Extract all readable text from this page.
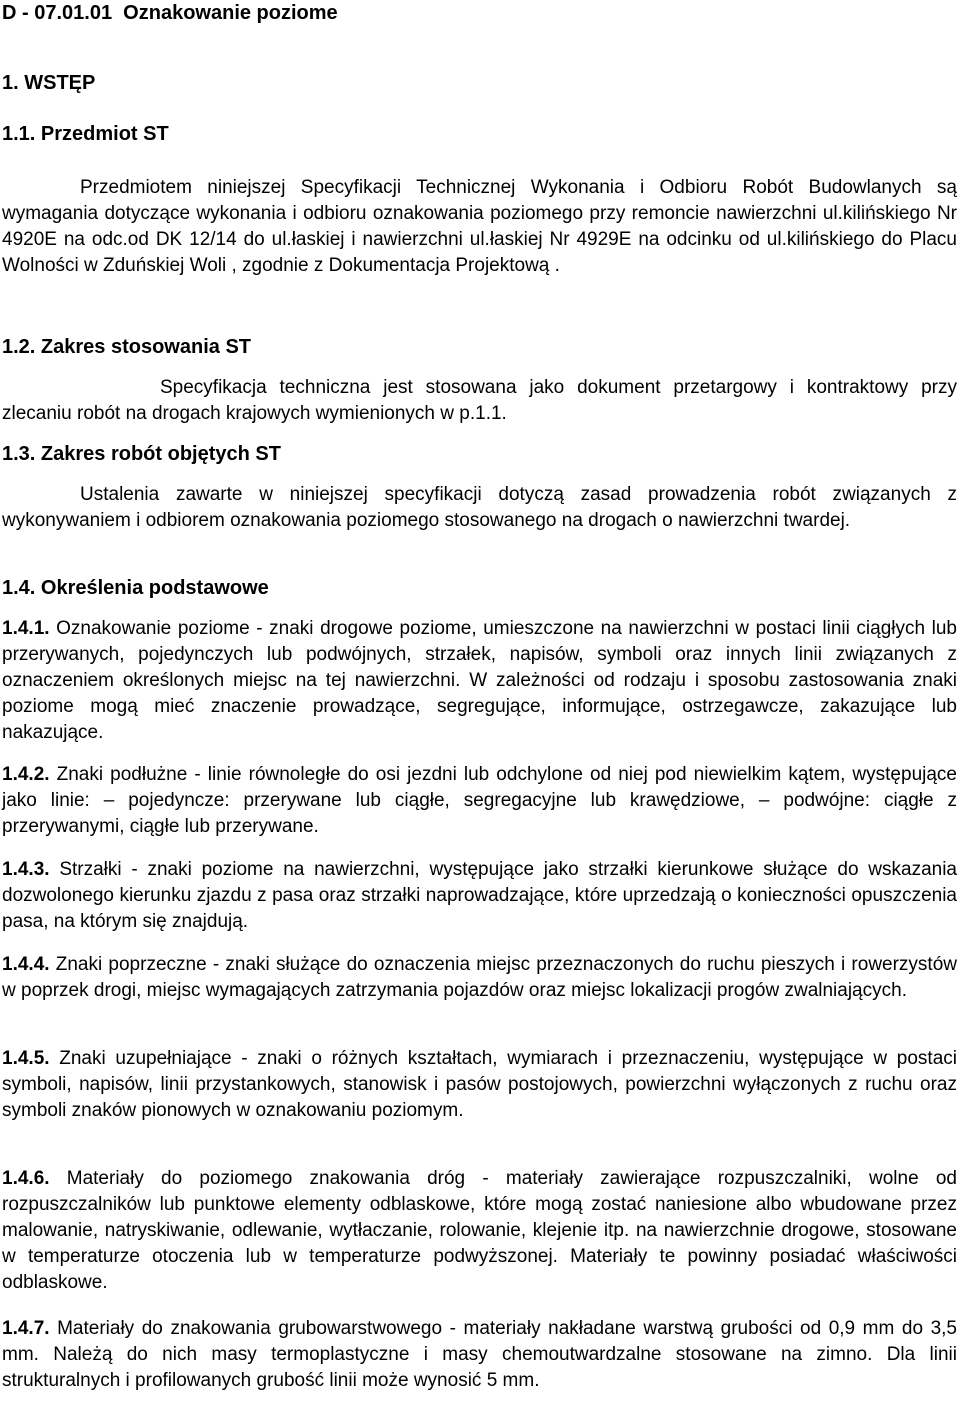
D - 07.01.01  Oznakowanie poziome
1. WSTĘP
1.1. Przedmiot ST
Przedmiotem niniejszej Specyfikacji Technicznej Wykonania i Odbioru Robót Budowlanych są wymagania dotyczące wykonania i odbioru oznakowania poziomego przy remoncie nawierzchni ul.kilińskiego Nr 4920E na odc.od DK 12/14 do ul.łaskiej i nawierzchni ul.łaskiej Nr 4929E na odcinku od ul.kilińskiego do Placu Wolności w Zduńskiej Woli , zgodnie z Dokumentacja Projektową .
1.2. Zakres stosowania ST
Specyfikacja techniczna jest stosowana jako dokument przetargowy i kontraktowy przy zlecaniu robót na drogach krajowych wymienionych w p.1.1.
1.3. Zakres robót objętych ST
Ustalenia zawarte w niniejszej specyfikacji dotyczą zasad prowadzenia robót związanych z wykonywaniem i odbiorem oznakowania poziomego stosowanego na drogach o nawierzchni twardej.
1.4. Określenia podstawowe
1.4.1. Oznakowanie poziome - znaki drogowe poziome, umieszczone na nawierzchni w postaci linii ciągłych lub przerywanych, pojedynczych lub podwójnych, strzałek, napisów, symboli oraz innych linii związanych z oznaczeniem określonych miejsc na tej nawierzchni. W zależności od rodzaju i sposobu zastosowania znaki poziome mogą mieć znaczenie prowadzące, segregujące, informujące, ostrzegawcze, zakazujące lub nakazujące.
1.4.2. Znaki podłużne - linie równoległe do osi jezdni lub odchylone od niej pod niewielkim kątem, występujące jako linie: – pojedyncze: przerywane lub ciągłe, segregacyjne lub krawędziowe, – podwójne: ciągłe z przerywanymi, ciągłe lub przerywane.
1.4.3. Strzałki - znaki poziome na nawierzchni, występujące jako strzałki kierunkowe służące do wskazania dozwolonego kierunku zjazdu z pasa oraz strzałki naprowadzające, które uprzedzają o konieczności opuszczenia pasa, na którym się znajdują.
1.4.4. Znaki poprzeczne - znaki służące do oznaczenia miejsc przeznaczonych do ruchu pieszych i rowerzystów w poprzek drogi, miejsc wymagających zatrzymania pojazdów oraz miejsc lokalizacji progów zwalniających.
1.4.5. Znaki uzupełniające - znaki o różnych kształtach, wymiarach i przeznaczeniu, występujące w postaci symboli, napisów, linii przystankowych, stanowisk i pasów postojowych, powierzchni wyłączonych z ruchu oraz symboli znaków pionowych w oznakowaniu poziomym.
1.4.6. Materiały do poziomego znakowania dróg - materiały zawierające rozpuszczalniki, wolne od rozpuszczalników lub punktowe elementy odblaskowe, które mogą zostać naniesione albo wbudowane przez malowanie, natryskiwanie, odlewanie, wytłaczanie, rolowanie, klejenie itp. na nawierzchnie drogowe, stosowane w temperaturze otoczenia lub w temperaturze podwyższonej. Materiały te powinny posiadać właściwości odblaskowe.
1.4.7. Materiały do znakowania grubowarstwowego - materiały nakładane warstwą grubości od 0,9 mm do 3,5 mm. Należą do nich masy termoplastyczne i masy chemoutwardzalne stosowane na zimno. Dla linii strukturalnych i profilowanych grubość linii może wynosić 5 mm.
